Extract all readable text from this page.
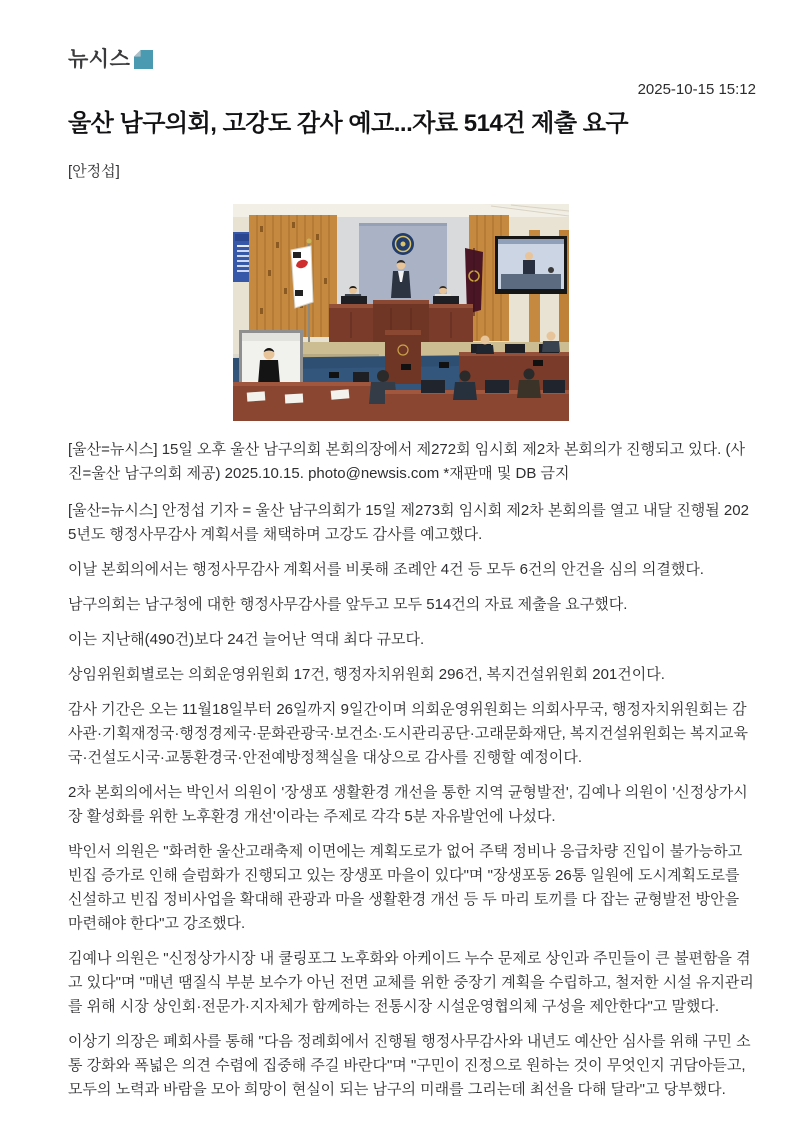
뉴시스
2025-10-15 15:12
울산 남구의회, 고강도 감사 예고...자료 514건 제출 요구
[안정섭]

[울산=뉴시스] 15일 오후 울산 남구의회 본회의장에서 제272회 임시회 제2차 본회의가 진행되고 있다. (사진=울산 남구의회 제공) 2025.10.15. photo@newsis.com *재판매 및 DB 금지

[울산=뉴시스] 안정섭 기자 = 울산 남구의회가 15일 제273회 임시회 제2차 본회의를 열고 내달 진행될 2025년도 행정사무감사 계획서를 채택하며 고강도 감사를 예고했다.

이날 본회의에서는 행정사무감사 계획서를 비롯해 조례안 4건 등 모두 6건의 안건을 심의 의결했다.

남구의회는 남구청에 대한 행정사무감사를 앞두고 모두 514건의 자료 제출을 요구했다.

이는 지난해(490건)보다 24건 늘어난 역대 최다 규모다.

상임위원회별로는 의회운영위원회 17건, 행정자치위원회 296건, 복지건설위원회 201건이다.

감사 기간은 오는 11월18일부터 26일까지 9일간이며 의회운영위원회는 의회사무국, 행정자치위원회는 감사관·기획재정국·행정경제국·문화관광국·보건소·도시관리공단·고래문화재단, 복지건설위원회는 복지교육국·건설도시국·교통환경국·안전예방정책실을 대상으로 감사를 진행할 예정이다.

2차 본회의에서는 박인서 의원이 '장생포 생활환경 개선을 통한 지역 균형발전', 김예나 의원이 '신정상가시장 활성화를 위한 노후환경 개선'이라는 주제로 각각 5분 자유발언에 나섰다.

박인서 의원은 "화려한 울산고래축제 이면에는 계획도로가 없어 주택 정비나 응급차량 진입이 불가능하고 빈집 증가로 인해 슬럼화가 진행되고 있는 장생포 마을이 있다"며 "장생포동 26통 일원에 도시계획도로를 신설하고 빈집 정비사업을 확대해 관광과 마을 생활환경 개선 등 두 마리 토끼를 다 잡는 균형발전 방안을 마련해야 한다"고 강조했다.

김예나 의원은 "신정상가시장 내 쿨링포그 노후화와 아케이드 누수 문제로 상인과 주민들이 큰 불편함을 겪고 있다"며 "매년 땜질식 부분 보수가 아닌 전면 교체를 위한 중장기 계획을 수립하고, 철저한 시설 유지관리를 위해 시장 상인회·전문가·지자체가 함께하는 전통시장 시설운영협의체 구성을 제안한다"고 말했다.

이상기 의장은 폐회사를 통해 "다음 정례회에서 진행될 행정사무감사와 내년도 예산안 심사를 위해 구민 소통 강화와 폭넓은 의견 수렴에 집중해 주길 바란다"며 "구민이 진정으로 원하는 것이 무엇인지 귀담아듣고, 모두의 노력과 바람을 모아 희망이 현실이 되는 남구의 미래를 그리는데 최선을 다해 달라"고 당부했다.
